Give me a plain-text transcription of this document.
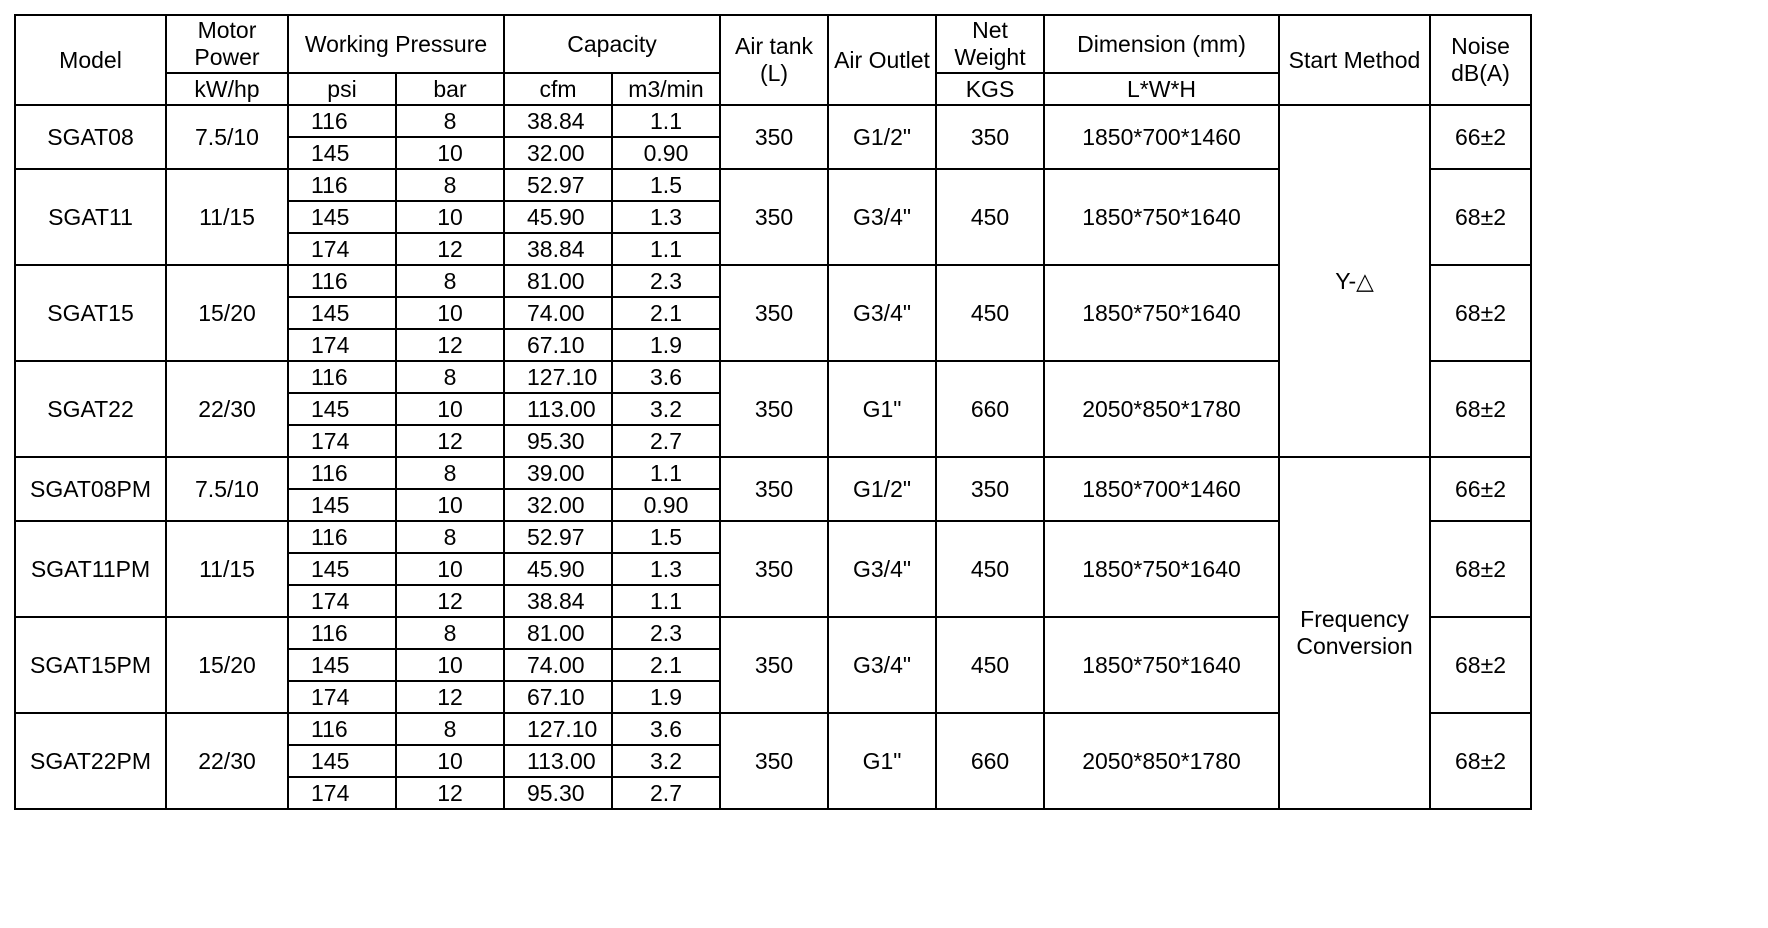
Model	Motor Power	Working Pressure		Capacity		Air tank (L)	Air Outlet	Net Weight	Dimension (mm)	Start Method	Noise dB(A)
	kW/hp	psi	bar	cfm	m3/min			KGS	L*W*H		
SGAT08	7.5/10	116	8	38.84	1.1	350	G1/2"	350	1850*700*1460	Y-△	66±2
		145	10	32.00	0.90						
SGAT11	11/15	116	8	52.97	1.5	350	G3/4"	450	1850*750*1640		68±2
		145	10	45.90	1.3						
		174	12	38.84	1.1						
SGAT15	15/20	116	8	81.00	2.3	350	G3/4"	450	1850*750*1640		68±2
		145	10	74.00	2.1						
		174	12	67.10	1.9						
SGAT22	22/30	116	8	127.10	3.6	350	G1"	660	2050*850*1780		68±2
		145	10	113.00	3.2						
		174	12	95.30	2.7						
SGAT08PM	7.5/10	116	8	39.00	1.1	350	G1/2"	350	1850*700*1460	Frequency Conversion	66±2
		145	10	32.00	0.90						
SGAT11PM	11/15	116	8	52.97	1.5	350	G3/4"	450	1850*750*1640		68±2
		145	10	45.90	1.3						
		174	12	38.84	1.1						
SGAT15PM	15/20	116	8	81.00	2.3	350	G3/4"	450	1850*750*1640		68±2
		145	10	74.00	2.1						
		174	12	67.10	1.9						
SGAT22PM	22/30	116	8	127.10	3.6	350	G1"	660	2050*850*1780		68±2
		145	10	113.00	3.2						
		174	12	95.30	2.7						
